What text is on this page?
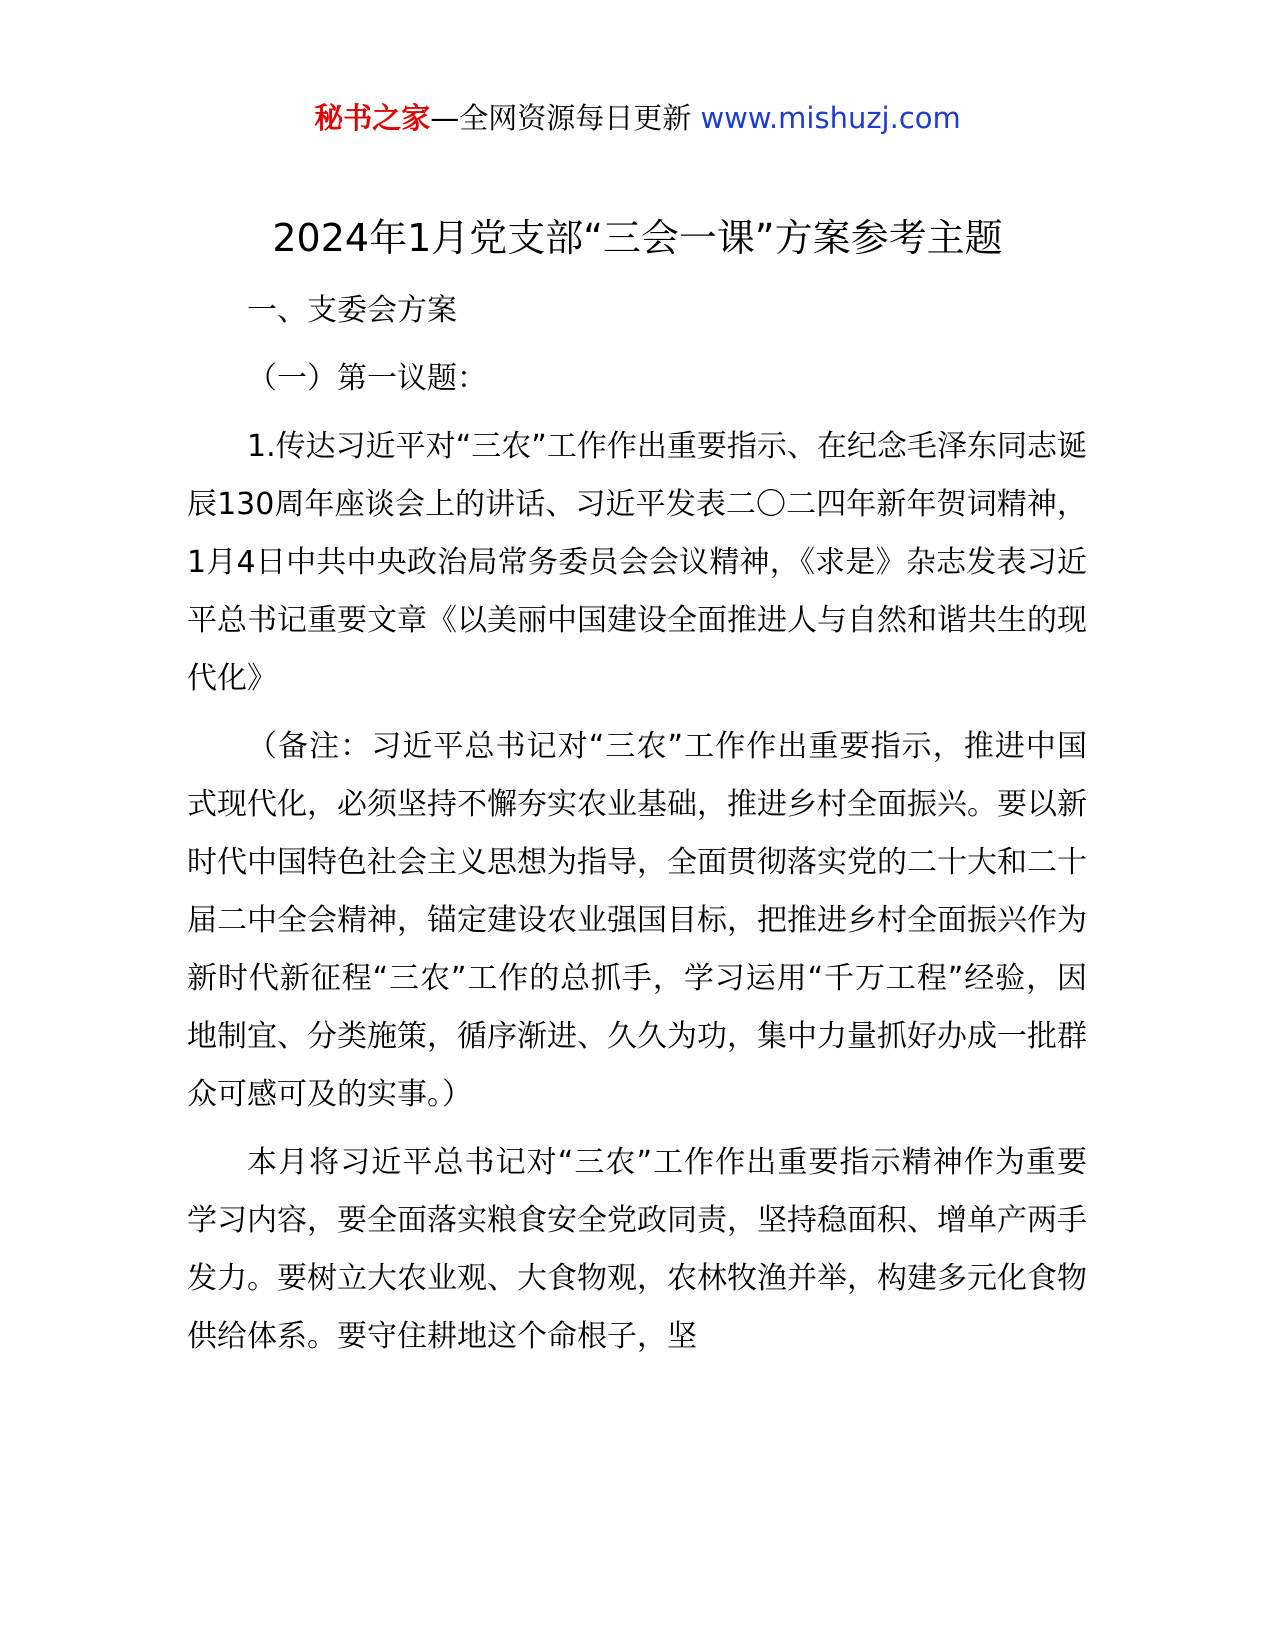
秘书之家—全网资源每日更新 www.mishuzj.com
2024年1月党支部“三会一课”方案参考主题

一、支委会方案

（一）第一议题：

1.传达习近平对“三农”工作作出重要指示、在纪念毛泽东同志诞辰130周年座谈会上的讲话、习近平发表二〇二四年新年贺词精神，1月4日中共中央政治局常务委员会会议精神，《求是》杂志发表习近平总书记重要文章《以美丽中国建设全面推进人与自然和谐共生的现代化》

（备注：习近平总书记对“三农”工作作出重要指示，推进中国式现代化，必须坚持不懈夯实农业基础，推进乡村全面振兴。要以新时代中国特色社会主义思想为指导，全面贯彻落实党的二十大和二十届二中全会精神，锚定建设农业强国目标，把推进乡村全面振兴作为新时代新征程“三农”工作的总抓手，学习运用“千万工程”经验，因地制宜、分类施策，循序渐进、久久为功，集中力量抓好办成一批群众可感可及的实事。）

本月将习近平总书记对“三农”工作作出重要指示精神作为重要学习内容，要全面落实粮食安全党政同责，坚持稳面积、增单产两手发力。要树立大农业观、大食物观，农林牧渔并举，构建多元化食物供给体系。要守住耕地这个命根子，坚
